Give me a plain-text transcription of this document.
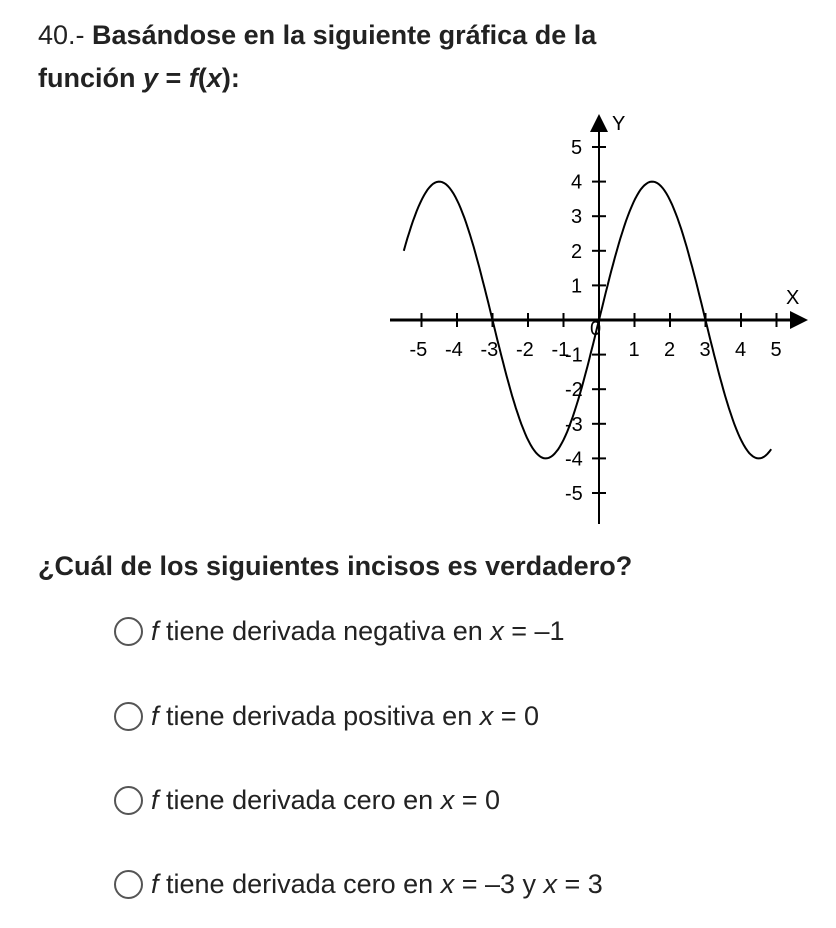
40.- Basándose en la siguiente gráfica de la
función y = f(x):
-5 -4 -3 -2 -1
0
1 2 3 4 5
5
4
3
2
1
-1
-2
-3
-4
-5
Y
X
¿Cuál de los siguientes incisos es verdadero?
f tiene derivada negativa en x = –1
f tiene derivada positiva en x = 0
f tiene derivada cero en x = 0
f tiene derivada cero en x = –3 y x = 3
